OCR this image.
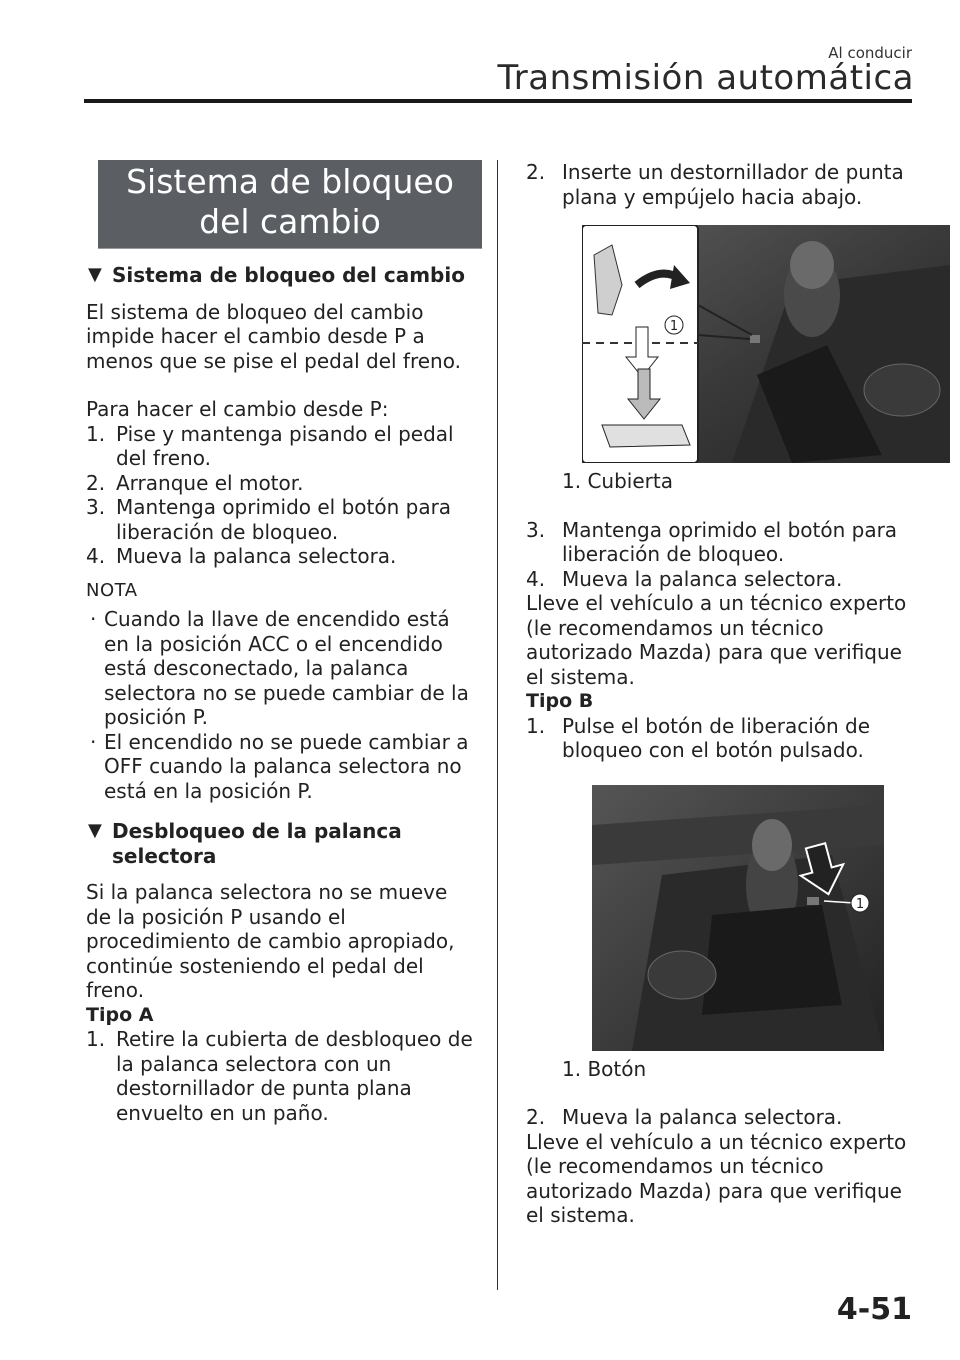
Al conducir
Transmisión automática
Sistema de bloqueo del cambio
▼ Sistema de bloqueo del cambio

El sistema de bloqueo del cambio impide hacer el cambio desde P a menos que se pise el pedal del freno.

Para hacer el cambio desde P:

1. Pise y mantenga pisando el pedal del freno.
2. Arranque el motor.
3. Mantenga oprimido el botón para liberación de bloqueo.
4. Mueva la palanca selectora.
NOTA
· Cuando la llave de encendido está en la posición ACC o el encendido está desconectado, la palanca selectora no se puede cambiar de la posición P.
· El encendido no se puede cambiar a OFF cuando la palanca selectora no está en la posición P.
▼ Desbloqueo de la palanca selectora

Si la palanca selectora no se mueve de la posición P usando el procedimiento de cambio apropiado, continúe sosteniendo el pedal del freno.

Tipo A
1. Retire la cubierta de desbloqueo de la palanca selectora con un destornillador de punta plana envuelto en un paño.
2. Inserte un destornillador de punta plana y empújelo hacia abajo.
1
1. Cubierta
3. Mantenga oprimido el botón para liberación de bloqueo.
4. Mueva la palanca selectora.

Lleve el vehículo a un técnico experto (le recomendamos un técnico autorizado Mazda) para que verifique el sistema.

Tipo B
1. Pulse el botón de liberación de bloqueo con el botón pulsado.
1
1. Botón
2. Mueva la palanca selectora.

Lleve el vehículo a un técnico experto (le recomendamos un técnico autorizado Mazda) para que verifique el sistema.

4-51
